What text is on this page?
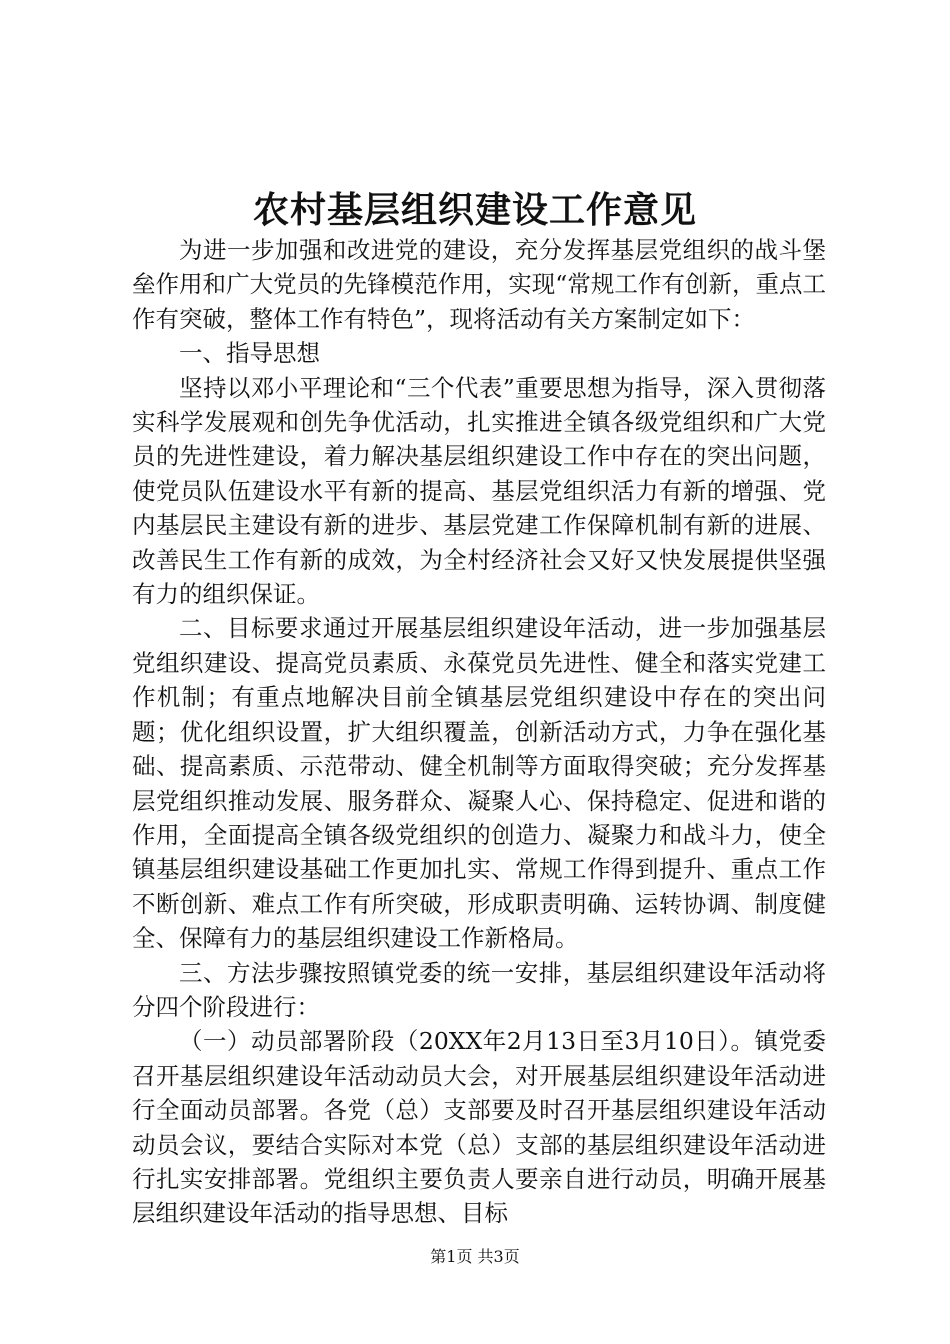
农村基层组织建设工作意见

为进一步加强和改进党的建设，充分发挥基层党组织的战斗堡垒作用和广大党员的先锋模范作用，实现“常规工作有创新，重点工作有突破，整体工作有特色”，现将活动有关方案制定如下：

一、指导思想

坚持以邓小平理论和“三个代表”重要思想为指导，深入贯彻落实科学发展观和创先争优活动，扎实推进全镇各级党组织和广大党员的先进性建设，着力解决基层组织建设工作中存在的突出问题，使党员队伍建设水平有新的提高、基层党组织活力有新的增强、党内基层民主建设有新的进步、基层党建工作保障机制有新的进展、改善民生工作有新的成效，为全村经济社会又好又快发展提供坚强有力的组织保证。

二、目标要求通过开展基层组织建设年活动，进一步加强基层党组织建设、提高党员素质、永葆党员先进性、健全和落实党建工作机制；有重点地解决目前全镇基层党组织建设中存在的突出问题；优化组织设置，扩大组织覆盖，创新活动方式，力争在强化基础、提高素质、示范带动、健全机制等方面取得突破；充分发挥基层党组织推动发展、服务群众、凝聚人心、保持稳定、促进和谐的作用，全面提高全镇各级党组织的创造力、凝聚力和战斗力，使全镇基层组织建设基础工作更加扎实、常规工作得到提升、重点工作不断创新、难点工作有所突破，形成职责明确、运转协调、制度健全、保障有力的基层组织建设工作新格局。

三、方法步骤按照镇党委的统一安排，基层组织建设年活动将分四个阶段进行：

（一）动员部署阶段（20XX年2月13日至3月10日）。镇党委召开基层组织建设年活动动员大会，对开展基层组织建设年活动进行全面动员部署。各党（总）支部要及时召开基层组织建设年活动动员会议，要结合实际对本党（总）支部的基层组织建设年活动进行扎实安排部署。党组织主要负责人要亲自进行动员，明确开展基层组织建设年活动的指导思想、目标

第1页 共3页
